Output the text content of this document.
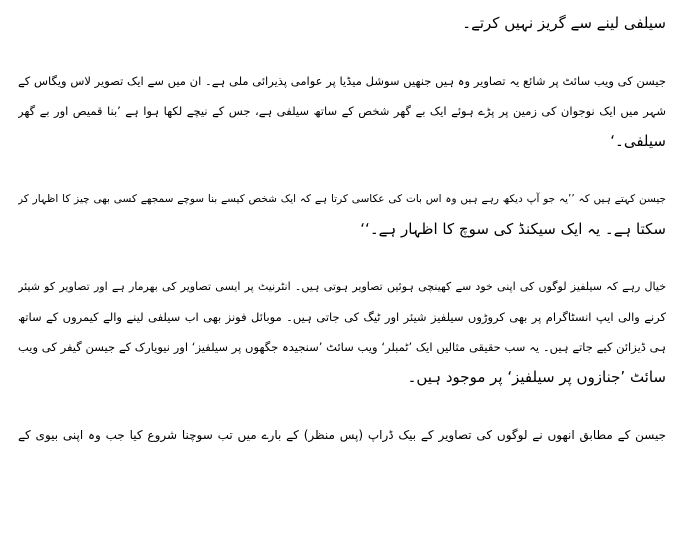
سیلفی لینے سے گریز نہیں کرتے۔
جیسن کی ویب سائٹ پر شائع یہ تصاویر وہ ہیں جنھیں سوشل میڈیا پر عوامی پذیرائی ملی ہے۔ ان میں سے ایک تصویر لاس ویگاس کے
شہر میں ایک نوجوان کی زمین پر پڑے ہوئے ایک بے گھر شخص کے ساتھ سیلفی ہے، جس کے نیچے لکھا ہوا ہے ’بنا قمیص اور بے گھر
سیلفی۔‘
جیسن کہتے ہیں کہ ’’یہ جو آپ دیکھ رہے ہیں وہ اس بات کی عکاسی کرتا ہے کہ ایک شخص کیسے بنا سوچے سمجھے کسی بھی چیز کا اظہار کر
سکتا ہے۔ یہ ایک سیکنڈ کی سوچ کا اظہار ہے۔‘‘
خیال رہے کہ سیلفیز لوگوں کی اپنی خود سے کھینچی ہوئیں تصاویر ہوتی ہیں۔ انٹرنیٹ پر ایسی تصاویر کی بھرمار ہے اور تصاویر کو شیئر
کرنے والی ایپ انسٹاگرام پر بھی کروڑوں سیلفیز شیئر اور ٹیگ کی جاتی ہیں۔ موبائل فونز بھی اب سیلفی لینے والے کیمروں کے ساتھ
ہی ڈیزائن کیے جاتے ہیں۔ یہ سب حقیقی مثالیں ایک ’ٹمبلر‘ ویب سائٹ ’سنجیدہ جگھوں پر سیلفیز‘ اور نیویارک کے جیسن گیفر کی ویب
سائٹ ’جنازوں پر سیلفیز‘ پر موجود ہیں۔
جیسن کے مطابق انھوں نے لوگوں کی تصاویر کے بیک ڈراپ (پس منظر) کے بارے میں تب سوچنا شروع کیا جب وہ اپنی بیوی کے
